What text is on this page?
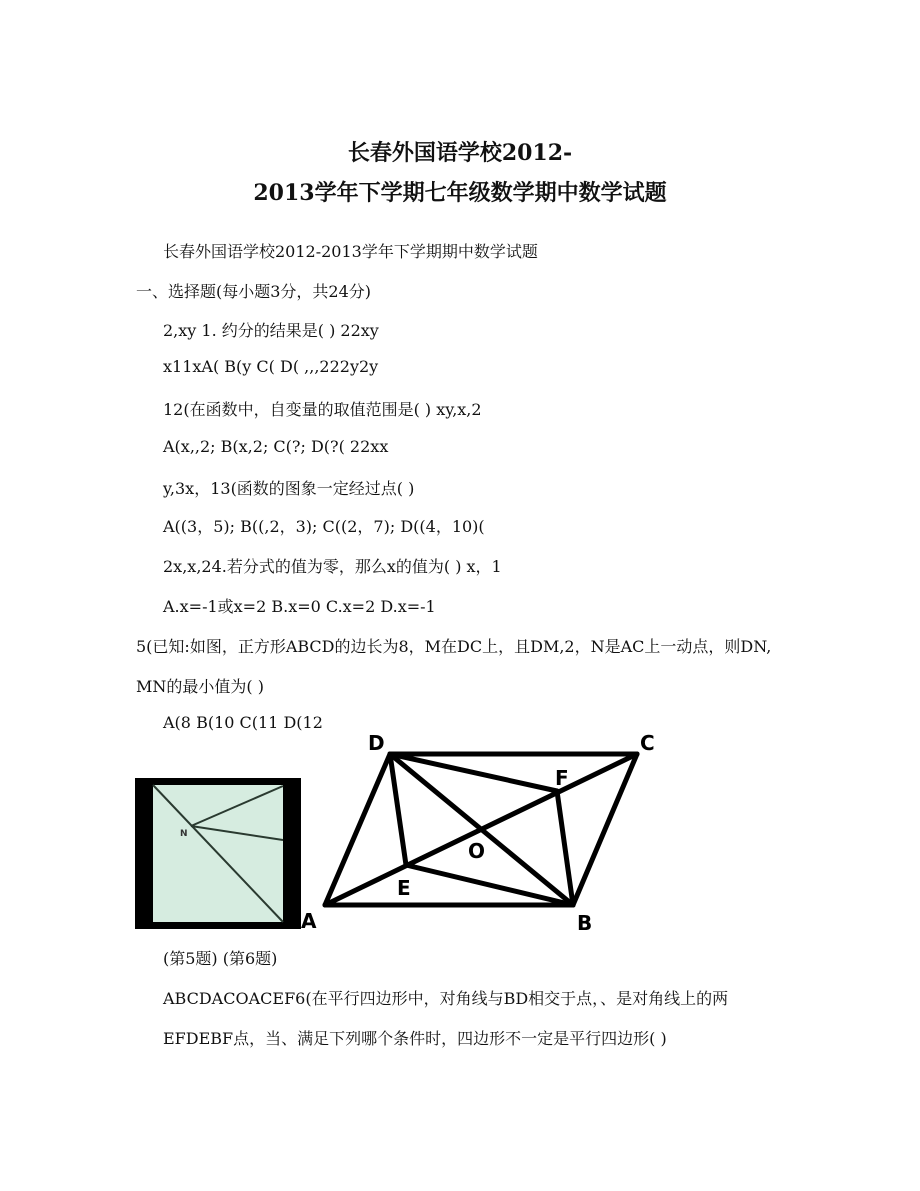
长春外国语学校2012-
2013学年下学期七年级数学期中数学试题
长春外国语学校2012-2013学年下学期期中数学试题
一、选择题(每小题3分，共24分)
2,xy 1. 约分的结果是( ) 22xy
x11xA( B(y C( D( ,,,222y2y
12(在函数中，自变量的取值范围是( ) xy,x,2
A(x,,2; B(x,2; C(?; D(?( 22xx
y,3x，13(函数的图象一定经过点( )
A((3，5); B((,2，3); C((2，7); D((4，10)(
2x,x,24.若分式的值为零，那么x的值为( ) x，1
A.x=-1或x=2 B.x=0 C.x=2 D.x=-1
5(已知:如图，正方形ABCD的边长为8，M在DC上，且DM,2，N是AC上一动点，则DN,
MN的最小值为( )
A(8 B(10 C(11 D(12
N
D	C
F
O
E
A	B
(第5题) (第6题)
ABCDACOACEF6(在平行四边形中，对角线与BD相交于点，、是对角线上的两
EFDEBF点，当、满足下列哪个条件时，四边形不一定是平行四边形( )
